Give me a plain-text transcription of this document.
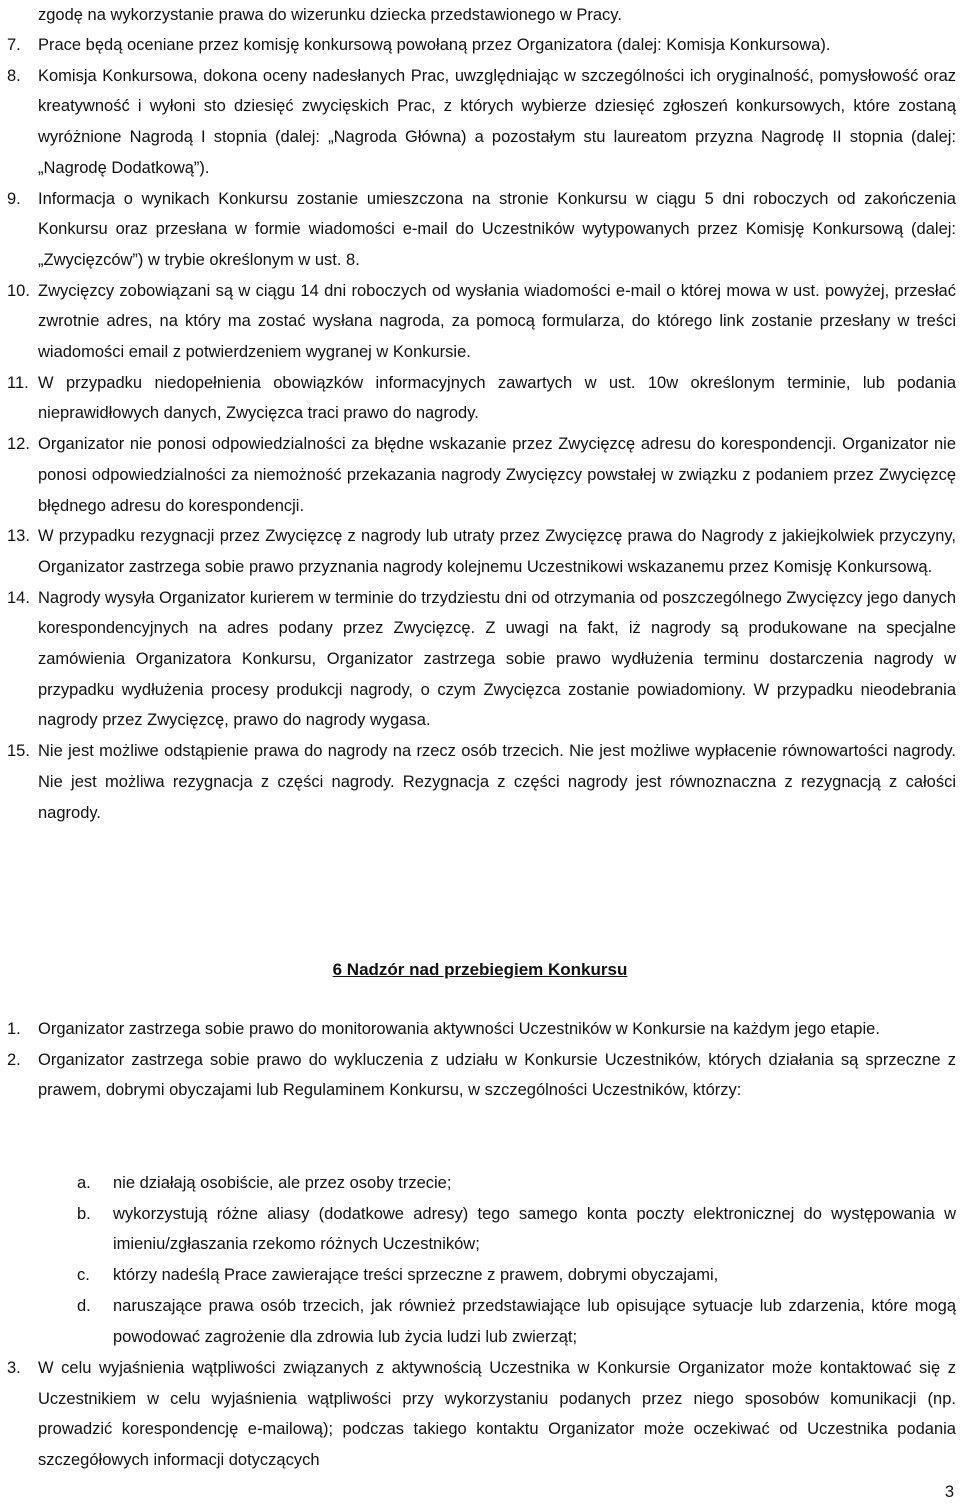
zgodę na wykorzystanie prawa do wizerunku dziecka przedstawionego w Pracy.
7. Prace będą oceniane przez komisję konkursową powołaną przez Organizatora (dalej: Komisja Konkursowa).
8. Komisja Konkursowa, dokona oceny nadesłanych Prac, uwzględniając w szczególności ich oryginalność, pomysłowość oraz kreatywność i wyłoni sto dziesięć zwycięskich Prac, z których wybierze dziesięć zgłoszeń konkursowych, które zostaną wyróżnione Nagrodą I stopnia (dalej: „Nagroda Główna) a pozostałym stu laureatom przyzna Nagrodę II stopnia (dalej: „Nagrodę Dodatkową”).
9. Informacja o wynikach Konkursu zostanie umieszczona na stronie Konkursu w ciągu 5 dni roboczych od zakończenia Konkursu oraz przesłana w formie wiadomości e-mail do Uczestników wytypowanych przez Komisję Konkursową (dalej: „Zwycięzców”) w trybie określonym w ust. 8.
10. Zwycięzcy zobowiązani są w ciągu 14 dni roboczych od wysłania wiadomości e-mail o której mowa w ust. powyżej, przesłać zwrotnie adres, na który ma zostać wysłana nagroda, za pomocą formularza, do którego link zostanie przesłany w treści wiadomości email z potwierdzeniem wygranej w Konkursie.
11. W przypadku niedopełnienia obowiązków informacyjnych zawartych w ust. 10w określonym terminie, lub podania nieprawidłowych danych, Zwycięzca traci prawo do nagrody.
12. Organizator nie ponosi odpowiedzialności za błędne wskazanie przez Zwycięzcę adresu do korespondencji. Organizator nie ponosi odpowiedzialności za niemożność przekazania nagrody Zwycięzcy powstałej w związku z podaniem przez Zwycięzcę błędnego adresu do korespondencji.
13. W przypadku rezygnacji przez Zwycięzcę z nagrody lub utraty przez Zwycięzcę prawa do Nagrody z jakiejkolwiek przyczyny, Organizator zastrzega sobie prawo przyznania nagrody kolejnemu Uczestnikowi wskazanemu przez Komisję Konkursową.
14. Nagrody wysyła Organizator kurierem w terminie do trzydziestu dni od otrzymania od poszczególnego Zwycięzcy jego danych korespondencyjnych na adres podany przez Zwycięzcę. Z uwagi na fakt, iż nagrody są produkowane na specjalne zamówienia Organizatora Konkursu, Organizator zastrzega sobie prawo wydłużenia terminu dostarczenia nagrody w przypadku wydłużenia procesy produkcji nagrody, o czym Zwycięzca zostanie powiadomiony. W przypadku nieodebrania nagrody przez Zwycięzcę, prawo do nagrody wygasa.
15. Nie jest możliwe odstąpienie prawa do nagrody na rzecz osób trzecich. Nie jest możliwe wypłacenie równowartości nagrody. Nie jest możliwa rezygnacja z części nagrody. Rezygnacja z części nagrody jest równoznaczna z rezygnacją z całości nagrody.
6 Nadzór nad przebiegiem Konkursu
1. Organizator zastrzega sobie prawo do monitorowania aktywności Uczestników w Konkursie na każdym jego etapie.
2. Organizator zastrzega sobie prawo do wykluczenia z udziału w Konkursie Uczestników, których działania są sprzeczne z prawem, dobrymi obyczajami lub Regulaminem Konkursu, w szczególności Uczestników, którzy:
a. nie działają osobiście, ale przez osoby trzecie;
b. wykorzystują różne aliasy (dodatkowe adresy) tego samego konta poczty elektronicznej do występowania w imieniu/zgłaszania rzekomo różnych Uczestników;
c. którzy nadeślą Prace zawierające treści sprzeczne z prawem, dobrymi obyczajami,
d. naruszające prawa osób trzecich, jak również przedstawiające lub opisujące sytuacje lub zdarzenia, które mogą powodować zagrożenie dla zdrowia lub życia ludzi lub zwierząt;
3. W celu wyjaśnienia wątpliwości związanych z aktywnością Uczestnika w Konkursie Organizator może kontaktować się z Uczestnikiem w celu wyjaśnienia wątpliwości przy wykorzystaniu podanych przez niego sposobów komunikacji (np. prowadzić korespondencję e-mailową); podczas takiego kontaktu Organizator może oczekiwać od Uczestnika podania szczegółowych informacji dotyczących
3
